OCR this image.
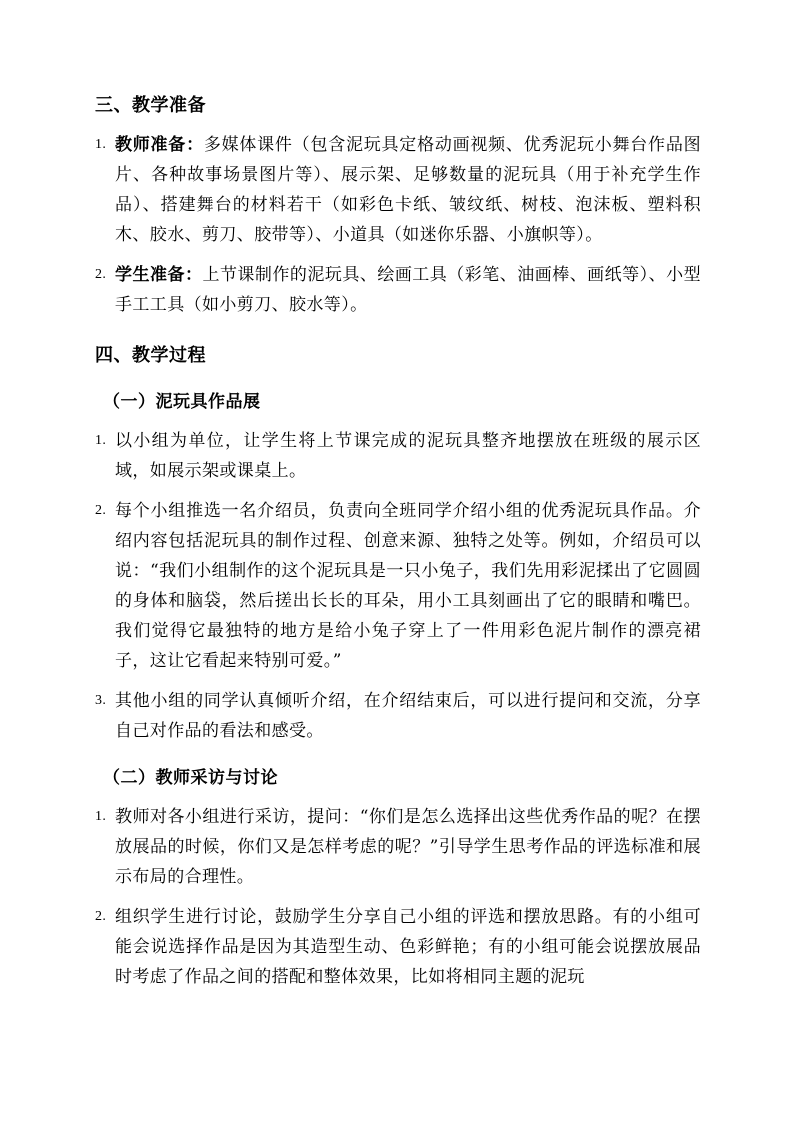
三、教学准备
1. 教师准备：多媒体课件（包含泥玩具定格动画视频、优秀泥玩小舞台作品图片、各种故事场景图片等）、展示架、足够数量的泥玩具（用于补充学生作品）、搭建舞台的材料若干（如彩色卡纸、皱纹纸、树枝、泡沫板、塑料积木、胶水、剪刀、胶带等）、小道具（如迷你乐器、小旗帜等）。
2. 学生准备：上节课制作的泥玩具、绘画工具（彩笔、油画棒、画纸等）、小型手工工具（如小剪刀、胶水等）。
四、教学过程
（一）泥玩具作品展
1. 以小组为单位，让学生将上节课完成的泥玩具整齐地摆放在班级的展示区域，如展示架或课桌上。
2. 每个小组推选一名介绍员，负责向全班同学介绍小组的优秀泥玩具作品。介绍内容包括泥玩具的制作过程、创意来源、独特之处等。例如，介绍员可以说：“我们小组制作的这个泥玩具是一只小兔子，我们先用彩泥揉出了它圆圆的身体和脑袋，然后搓出长长的耳朵，用小工具刻画出了它的眼睛和嘴巴。我们觉得它最独特的地方是给小兔子穿上了一件用彩色泥片制作的漂亮裙子，这让它看起来特别可爱。”
3. 其他小组的同学认真倾听介绍，在介绍结束后，可以进行提问和交流，分享自己对作品的看法和感受。
（二）教师采访与讨论
1. 教师对各小组进行采访，提问：“你们是怎么选择出这些优秀作品的呢？在摆放展品的时候，你们又是怎样考虑的呢？”引导学生思考作品的评选标准和展示布局的合理性。
2. 组织学生进行讨论，鼓励学生分享自己小组的评选和摆放思路。有的小组可能会说选择作品是因为其造型生动、色彩鲜艳；有的小组可能会说摆放展品时考虑了作品之间的搭配和整体效果，比如将相同主题的泥玩
